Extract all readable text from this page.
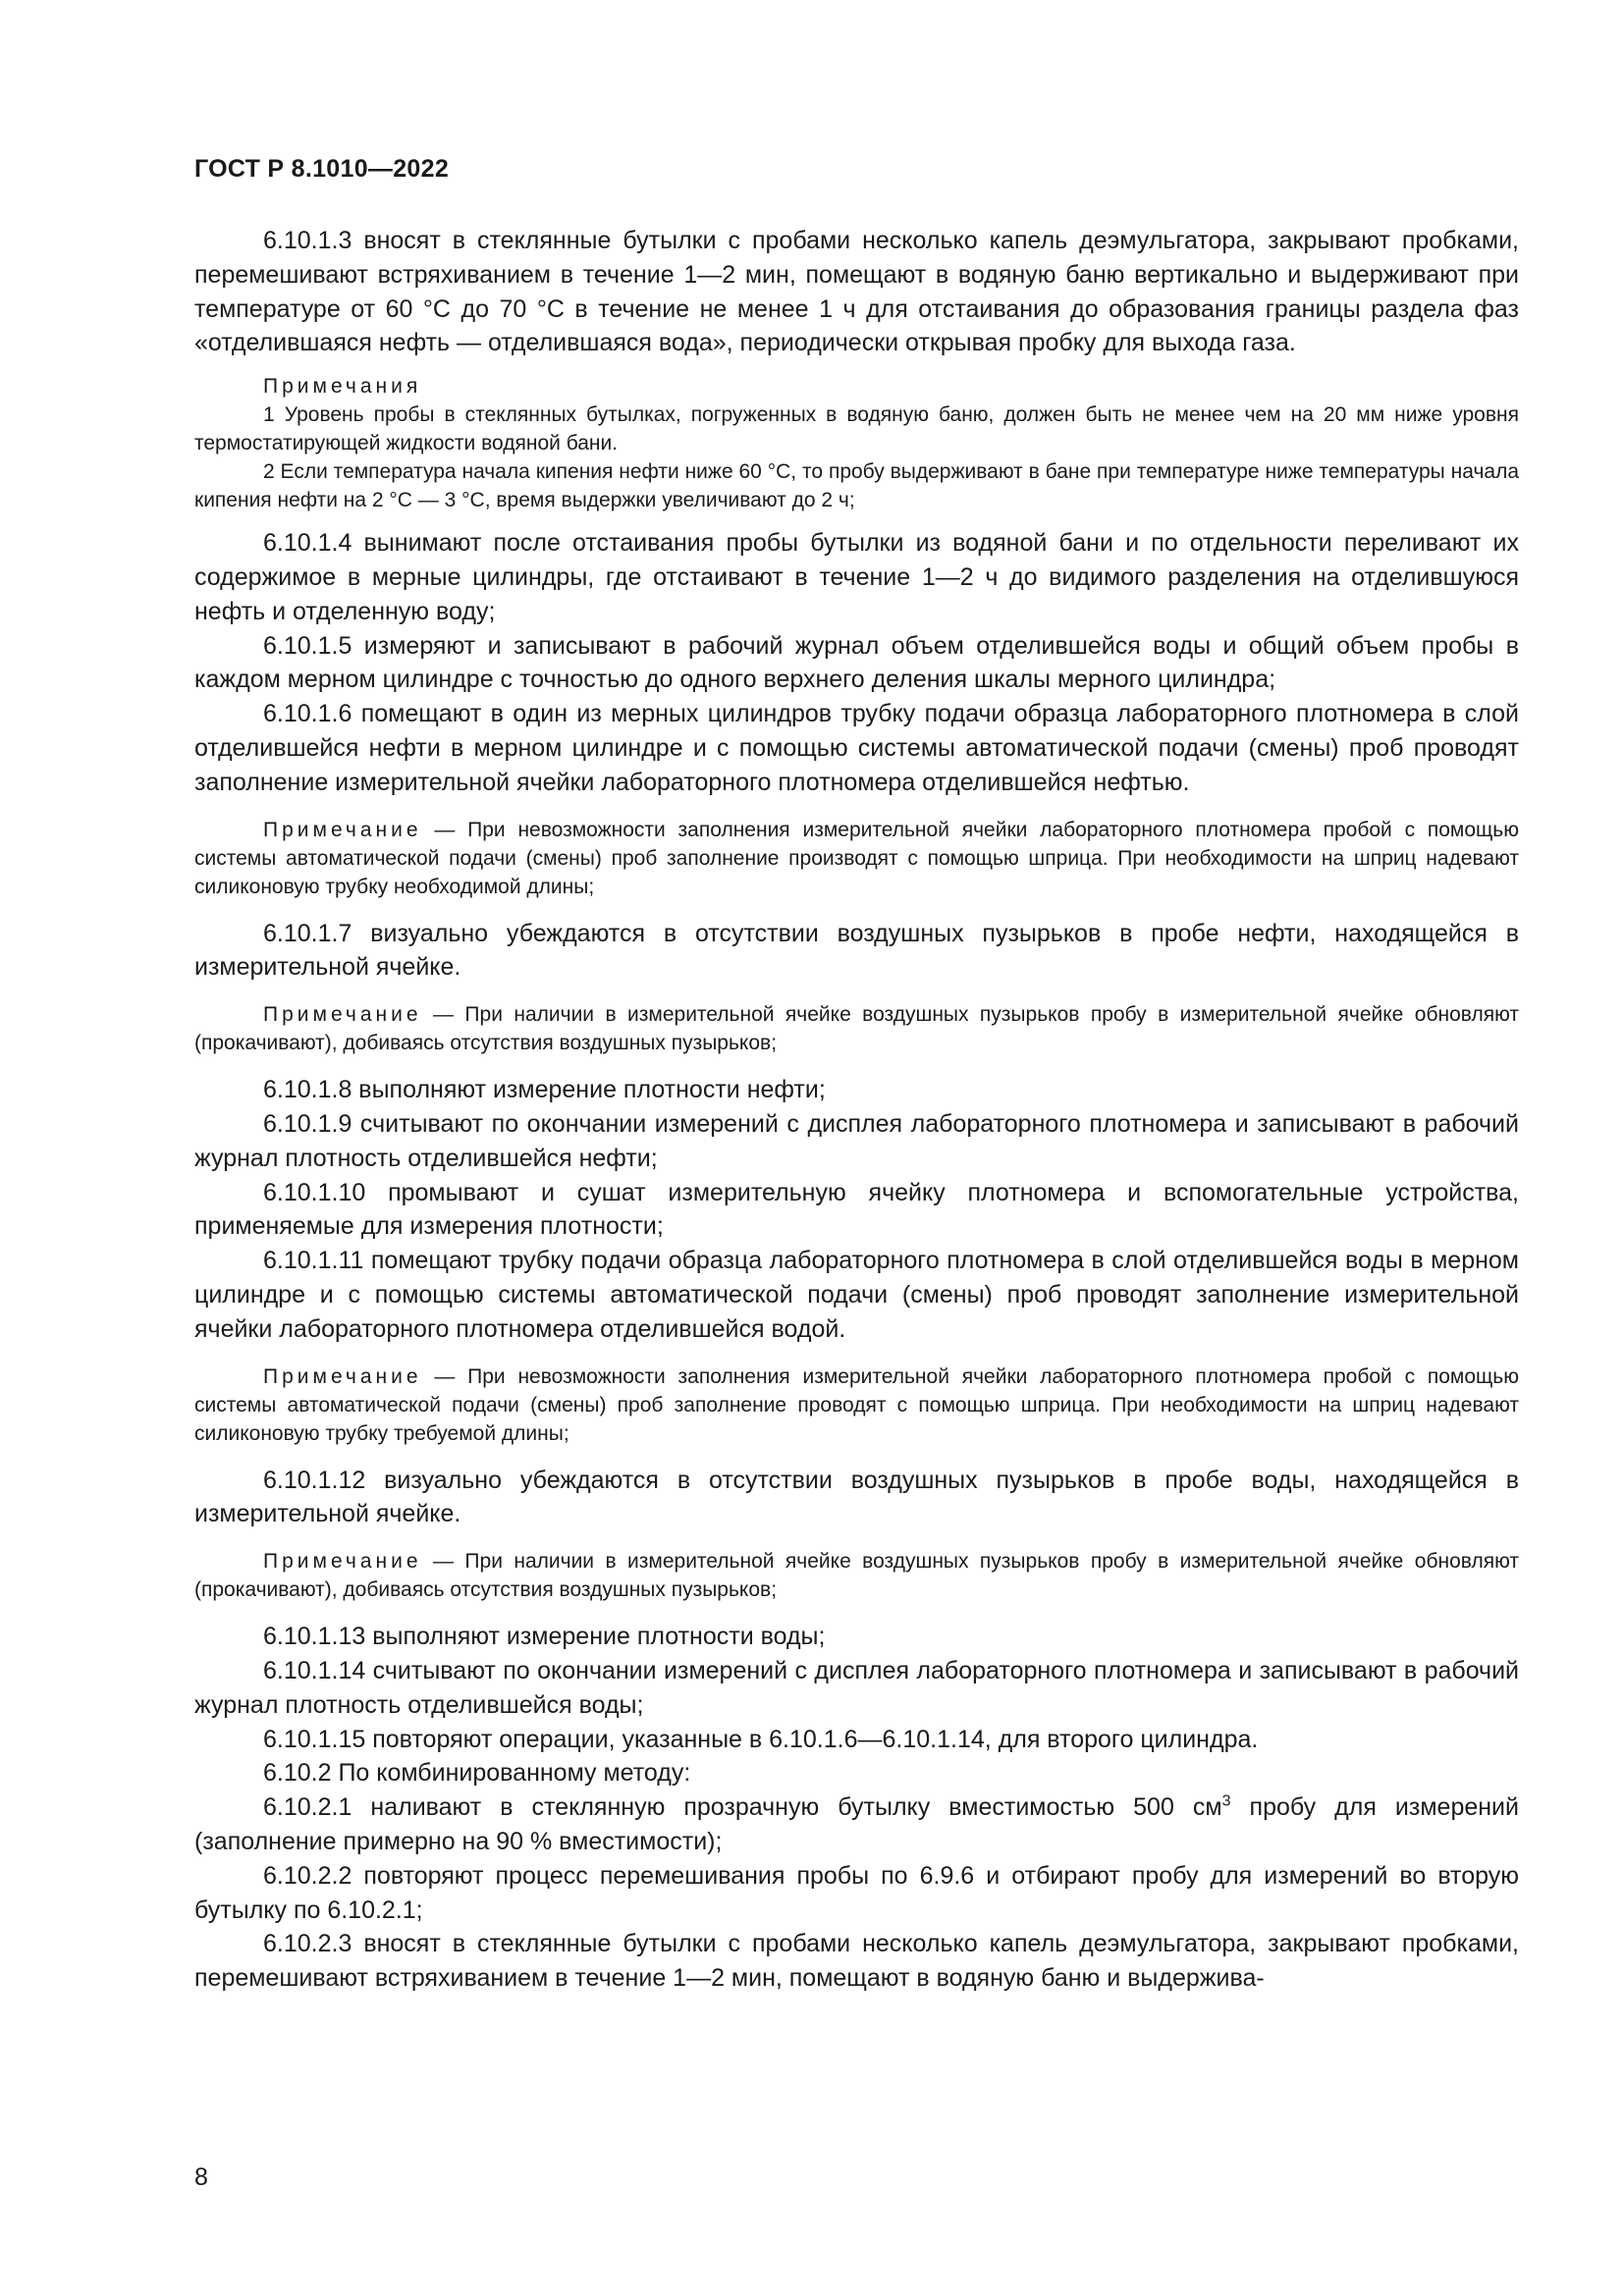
ГОСТ Р 8.1010—2022

6.10.1.3 вносят в стеклянные бутылки с пробами несколько капель деэмульгатора, закрывают пробками, перемешивают встряхиванием в течение 1—2 мин, помещают в водяную баню вертикально и выдерживают при температуре от 60 °С до 70 °С в течение не менее 1 ч для отстаивания до образования границы раздела фаз «отделившаяся нефть — отделившаяся вода», периодически открывая пробку для выхода газа.

Примечания

1 Уровень пробы в стеклянных бутылках, погруженных в водяную баню, должен быть не менее чем на 20 мм ниже уровня термостатирующей жидкости водяной бани.

2 Если температура начала кипения нефти ниже 60 °С, то пробу выдерживают в бане при температуре ниже температуры начала кипения нефти на 2 °С — 3 °С, время выдержки увеличивают до 2 ч;

6.10.1.4 вынимают после отстаивания пробы бутылки из водяной бани и по отдельности переливают их содержимое в мерные цилиндры, где отстаивают в течение 1—2 ч до видимого разделения на отделившуюся нефть и отделенную воду;

6.10.1.5 измеряют и записывают в рабочий журнал объем отделившейся воды и общий объем пробы в каждом мерном цилиндре с точностью до одного верхнего деления шкалы мерного цилиндра;

6.10.1.6 помещают в один из мерных цилиндров трубку подачи образца лабораторного плотномера в слой отделившейся нефти в мерном цилиндре и с помощью системы автоматической подачи (смены) проб проводят заполнение измерительной ячейки лабораторного плотномера отделившейся нефтью.

Примечание — При невозможности заполнения измерительной ячейки лабораторного плотномера пробой с помощью системы автоматической подачи (смены) проб заполнение производят с помощью шприца. При необходимости на шприц надевают силиконовую трубку необходимой длины;

6.10.1.7 визуально убеждаются в отсутствии воздушных пузырьков в пробе нефти, находящейся в измерительной ячейке.

Примечание — При наличии в измерительной ячейке воздушных пузырьков пробу в измерительной ячейке обновляют (прокачивают), добиваясь отсутствия воздушных пузырьков;

6.10.1.8 выполняют измерение плотности нефти;

6.10.1.9 считывают по окончании измерений с дисплея лабораторного плотномера и записывают в рабочий журнал плотность отделившейся нефти;

6.10.1.10 промывают и сушат измерительную ячейку плотномера и вспомогательные устройства, применяемые для измерения плотности;

6.10.1.11 помещают трубку подачи образца лабораторного плотномера в слой отделившейся воды в мерном цилиндре и с помощью системы автоматической подачи (смены) проб проводят заполнение измерительной ячейки лабораторного плотномера отделившейся водой.

Примечание — При невозможности заполнения измерительной ячейки лабораторного плотномера пробой с помощью системы автоматической подачи (смены) проб заполнение проводят с помощью шприца. При необходимости на шприц надевают силиконовую трубку требуемой длины;

6.10.1.12 визуально убеждаются в отсутствии воздушных пузырьков в пробе воды, находящейся в измерительной ячейке.

Примечание — При наличии в измерительной ячейке воздушных пузырьков пробу в измерительной ячейке обновляют (прокачивают), добиваясь отсутствия воздушных пузырьков;

6.10.1.13 выполняют измерение плотности воды;

6.10.1.14 считывают по окончании измерений с дисплея лабораторного плотномера и записывают в рабочий журнал плотность отделившейся воды;

6.10.1.15 повторяют операции, указанные в 6.10.1.6—6.10.1.14, для второго цилиндра.

6.10.2 По комбинированному методу:

6.10.2.1 наливают в стеклянную прозрачную бутылку вместимостью 500 $см^3$ пробу для измерений (заполнение примерно на 90 % вместимости);

6.10.2.2 повторяют процесс перемешивания пробы по 6.9.6 и отбирают пробу для измерений во вторую бутылку по 6.10.2.1;

6.10.2.3 вносят в стеклянные бутылки с пробами несколько капель деэмульгатора, закрывают пробками, перемешивают встряхиванием в течение 1—2 мин, помещают в водяную баню и выдержива-

8
